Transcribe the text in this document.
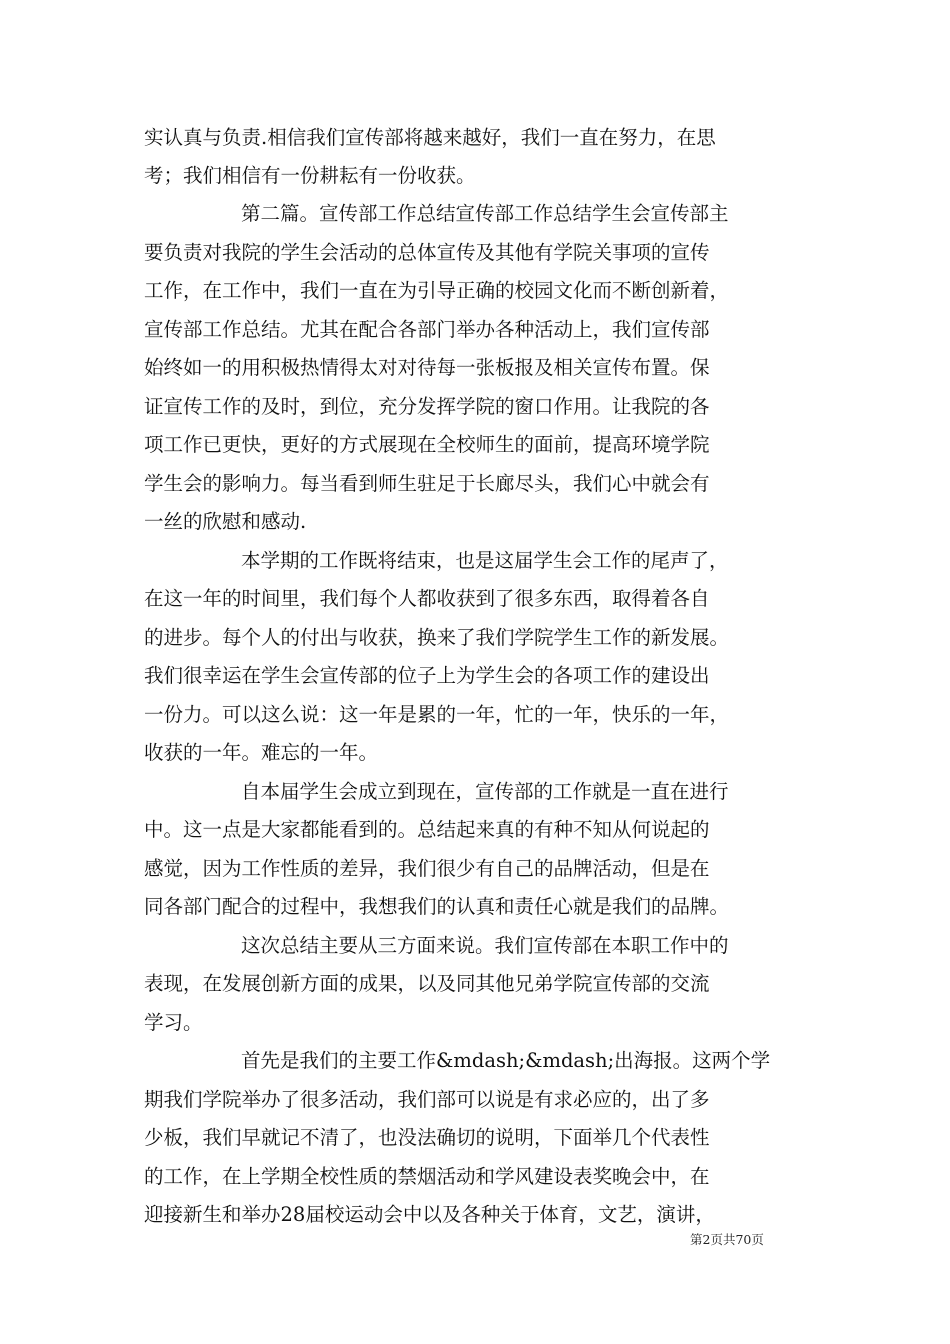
实认真与负责.相信我们宣传部将越来越好，我们一直在努力，在思
考；我们相信有一份耕耘有一份收获。
第二篇。宣传部工作总结宣传部工作总结学生会宣传部主
要负责对我院的学生会活动的总体宣传及其他有学院关事项的宣传
工作，在工作中，我们一直在为引导正确的校园文化而不断创新着，
宣传部工作总结。尤其在配合各部门举办各种活动上，我们宣传部
始终如一的用积极热情得太对对待每一张板报及相关宣传布置。保
证宣传工作的及时，到位，充分发挥学院的窗口作用。让我院的各
项工作已更快，更好的方式展现在全校师生的面前，提高环境学院
学生会的影响力。每当看到师生驻足于长廊尽头，我们心中就会有
一丝的欣慰和感动.
本学期的工作既将结束，也是这届学生会工作的尾声了，
在这一年的时间里，我们每个人都收获到了很多东西，取得着各自
的进步。每个人的付出与收获，换来了我们学院学生工作的新发展。
我们很幸运在学生会宣传部的位子上为学生会的各项工作的建设出
一份力。可以这么说：这一年是累的一年，忙的一年，快乐的一年，
收获的一年。难忘的一年。
自本届学生会成立到现在，宣传部的工作就是一直在进行
中。这一点是大家都能看到的。总结起来真的有种不知从何说起的
感觉，因为工作性质的差异，我们很少有自己的品牌活动，但是在
同各部门配合的过程中，我想我们的认真和责任心就是我们的品牌。
这次总结主要从三方面来说。我们宣传部在本职工作中的
表现，在发展创新方面的成果，以及同其他兄弟学院宣传部的交流
学习。
首先是我们的主要工作&mdash;&mdash;出海报。这两个学
期我们学院举办了很多活动，我们部可以说是有求必应的，出了多
少板，我们早就记不清了，也没法确切的说明，下面举几个代表性
的工作，在上学期全校性质的禁烟活动和学风建设表奖晚会中，在
迎接新生和举办28届校运动会中以及各种关于体育，文艺，演讲，
第2页共70页
